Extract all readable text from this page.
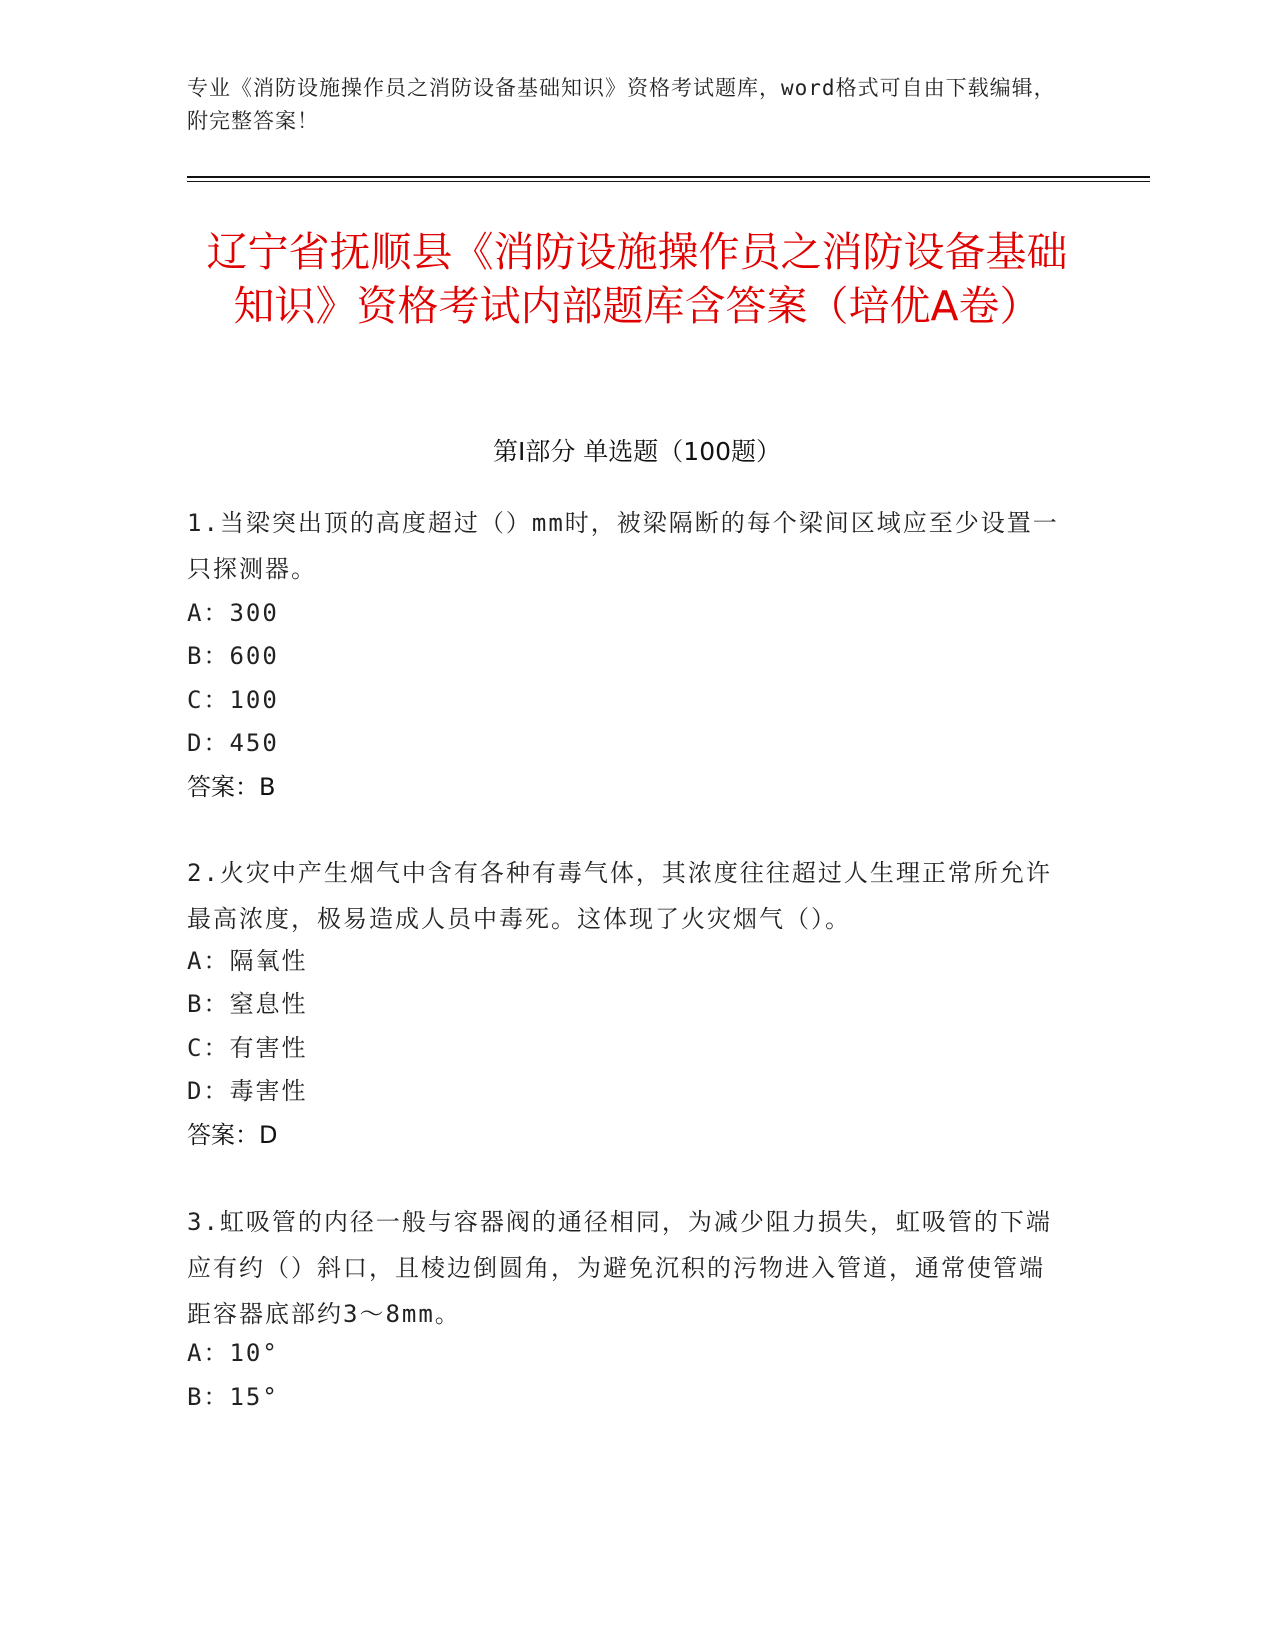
专业《消防设施操作员之消防设备基础知识》资格考试题库，word格式可自由下载编辑，附完整答案！
辽宁省抚顺县《消防设施操作员之消防设备基础知识》资格考试内部题库含答案（培优A卷）
第Ⅰ部分 单选题（100题）
1.当梁突出顶的高度超过（）mm时，被梁隔断的每个梁间区域应至少设置一只探测器。
A：300
B：600
C：100
D：450
答案：B
2.火灾中产生烟气中含有各种有毒气体，其浓度往往超过人生理正常所允许最高浓度，极易造成人员中毒死。这体现了火灾烟气（）。
A：隔氧性
B：窒息性
C：有害性
D：毒害性
答案：D
3.虹吸管的内径一般与容器阀的通径相同，为减少阻力损失，虹吸管的下端应有约（）斜口，且棱边倒圆角，为避免沉积的污物进入管道，通常使管端距容器底部约3～8mm。
A：10°
B：15°
